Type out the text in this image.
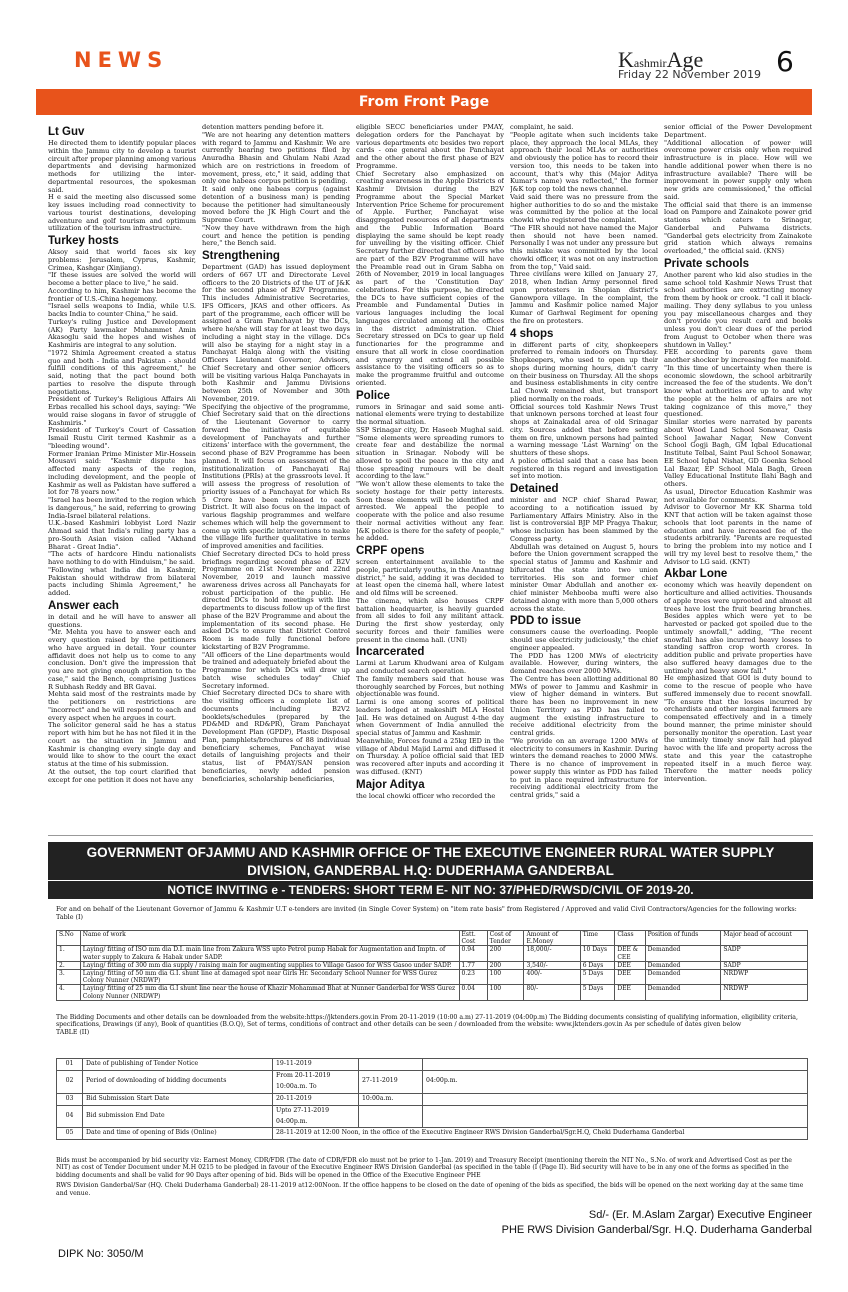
NEWS	KashmirAge
Friday 22 November 2019 6
From Front Page
Lt Guv

He directed them to identify popular places within the Jammu city to develop a tourist circuit after proper planning among various departments and devising harmonized methods for utilizing the inter-departmental resources, the spokesman said.

H e said the meeting also discussed some key issues including road connectivity to various tourist destinations, developing adventure and golf tourism and optimum utilization of the tourism infrastructure.

Turkey hosts

Aksoy said that world faces six key problems: Jerusalem, Cyprus, Kashmir, Crimea, Kashgar (Xinjiang).

"If these issues are solved the world will become a better place to live," he said.

According to him, Kashmir has become the frontier of U.S.-China hegemony.

"Israel sells weapons to India, while U.S. backs India to counter China," he said.

Turkey's ruling Justice and Development (AK) Party lawmaker Muhammet Amin Akasoglu said the hopes and wishes of Kashmiris are integral to any solution.

"1972 Shimla Agreement created a status quo and both - India and Pakistan - should fulfill conditions of this agreement," he said, noting that the pact bound both parties to resolve the dispute through negotiations.

President of Turkey's Religious Affairs Ali Erbas recalled his school days, saying: "We would raise slogans in favor of struggle of Kashmiris."

President of Turkey's Court of Cassation Ismail Rustu Cirit termed Kashmir as a "bleeding wound".

Former Iranian Prime Minister Mir-Hossein Mousavi said: "Kashmir dispute has affected many aspects of the region, including development, and the people of Kashmir as well as Pakistan have suffered a lot for 78 years now."

"Israel has been invited to the region which is dangerous," he said, referring to growing India-Israel bilateral relations.

U.K.-based Kashmiri lobbyist Lord Nazir Ahmad said that India's ruling party has a pro-South Asian vision called "Akhand Bharat - Great India".

"The acts of hardcore Hindu nationalists have nothing to do with Hinduism," he said.

"Following what India did in Kashmir, Pakistan should withdraw from bilateral pacts including Shimla Agreement," he added.

Answer each

in detail and he will have to answer all questions.

"Mr. Mehta you have to answer each and every question raised by the petitioners who have argued in detail. Your counter affidavit does not help us to come to any conclusion. Don't give the impression that you are not giving enough attention to the case," said the Bench, comprising Justices R Subhash Reddy and BR Gavai.

Mehta said most of the restraints made by the petitioners on restrictions are "incorrect" and he will respond to each and every aspect when he argues in court.

The solicitor general said he has a status report with him but he has not filed it in the court as the situation in Jammu and Kashmir is changing every single day and would like to show to the court the exact status at the time of his submission.

At the outset, the top court clarified that except for one petition it does not have any

detention matters pending before it.

"We are not hearing any detention matters with regard to Jammu and Kashmir. We are currently hearing two petitions filed by Anuradha Bhasin and Ghulam Nabi Azad which are on restrictions in freedom of movement, press, etc," it said, adding that only one habeas corpus petition is pending.

It said only one habeas corpus (against detention of a business man) is pending because the petitioner had simultaneously moved before the JK High Court and the Supreme Court.

"Now they have withdrawn from the high court and hence the petition is pending here," the Bench said.

Strengthening

Department (GAD) has issued deployment orders of 667 UT and Directorate Level officers to the 20 Districts of the UT of J&K for the second phase of B2V Programme. This includes Administrative Secretaries, IFS Officers, JKAS and other officers. As part of the programme, each officer will be assigned a Gram Panchayat by the DCs, where he/she will stay for at least two days including a night stay in the village. DCs will also be staying for a night stay in a Panchayat Halqa along with the visiting Officers Lieutenant Governor, Advisors, Chief Secretary and other senior officers will be visiting various Halqa Panchayats in both Kashmir and Jammu Divisions between 25th of November and 30th November, 2019.

Specifying the objective of the programme, Chief Secretary said that on the directions of the Lieutenant Governor to carry forward the initiative of equitable development of Panchayats and further citizens' interface with the government, the second phase of B2V Programme has been planned. It will focus on assessment of the institutionalization of Panchayati Raj Institutions (PRIs) at the grassroots level. It will assess the progress of resolution of priority issues of a Panchayat for which Rs 5 Crore have been released to each District. It will also focus on the impact of various flagship programmes and welfare schemes which will help the government to come up with specific interventions to make the village life further qualitative in terms of improved amenities and facilities.

Chief Secretary directed DCs to hold press briefings regarding second phase of B2V Programme on 21st November and 22nd November, 2019 and launch massive awareness drives across all Panchayats for robust participation of the public. He directed DCs to hold meetings with line departments to discuss follow up of the first phase of the B2V Programme and about the implementation of its second phase. He asked DCs to ensure that District Control Room is made fully functional before kickstarting of B2V Programme.

"All officers of the Line departments would be trained and adequately briefed about the Programme for which DCs will draw up batch wise schedules today" Chief Secretary informed.

Chief Secretary directed DCs to share with the visiting officers a complete list of documents including B2V2 booklets/schedules (prepared by the PD&MD and RD&PR), Gram Panchayat Development Plan (GPDP), Plastic Disposal Plan, pamphlets/brochures of 88 individual beneficiary schemes, Panchayat wise details of languishing projects and their status, list of PMAY/SAN pension beneficiaries, newly added pension beneficiaries, scholarship beneficiaries,

eligible SECC beneficiaries under PMAY, delegation orders for the Panchayat by various departments etc besides two report cards - one general about the Panchayat and the other about the first phase of B2V Programme.

Chief Secretary also emphasized on creating awareness in the Apple Districts of Kashmir Division during the B2V Programme about the Special Market Intervention Price Scheme for procurement of Apple. Further, Panchayat wise disaggregated resources of all departments and the Public Information Board displaying the same should be kept ready for unveiling by the visiting officer. Chief Secretary further directed that officers who are part of the B2V Programme will have the Preamble read out in Gram Sabha on 26th of November, 2019 in local languages as part of the 'Constitution Day' celebrations. For this purpose, he directed the DCs to have sufficient copies of the Preamble and Fundamental Duties in various languages including the local languages circulated among all the offices in the district administration. Chief Secretary stressed on DCs to gear up field functionaries for the programme and ensure that all work in close coordination and synergy and extend all possible assistance to the visiting officers so as to make the programme fruitful and outcome oriented.

Police

rumors in Srinagar and said some anti-national elements were trying to destabilize the normal situation.

SSP Srinagar city, Dr. Haseeb Mughal said. "Some elements were spreading rumors to create fear and destabilize the normal situation in Srinagar. Nobody will be allowed to spoil the peace in the city and those spreading rumours will be dealt according to the law."

"We won't allow these elements to take the society hostage for their petty interests. Soon these elements will be identified and arrested. We appeal the people to cooperate with the police and also resume their normal activities without any fear. J&K police is there for the safety of people," he added.

CRPF opens

screen entertainment available to the people, particularly youths, in the Anantnag district," he said, adding it was decided to at least open the cinema hall, where latest and old films will be screened.

The cinema, which also houses CRPF battalion headquarter, is heavily guarded from all sides to foil any militant attack. During the first show yesterday, only security forces and their families were present in the cinema hall. (UNI)

Incarcerated

Larmi at Larum Khudwani area of Kulgam and conducted search operation.

The family members said that house was thoroughly searched by Forces, but nothing objectionable was found.

Larmi is one among scores of political leaders lodged at makeshift MLA Hostel Jail. He was detained on August 4-the day when Government of India annulled the special status of Jammu and Kashmir.

Meanwhile, Forces found a 25kg IED in the village of Abdul Majid Larmi and diffused it on Thursday. A police official said that IED was recovered after inputs and according it was diffused. (KNT)

Major Aditya

the local chowki officer who recorded the

complaint, he said.

"People agitate when such incidents take place, they approach the local MLAs, they approach their local MLAs or authorities and obviously the police has to record their version too, this needs to be taken into account, that's why this (Major Aditya Kumar's name) was reflected," the former J&K top cop told the news channel.

Vaid said there was no pressure from the higher authorities to do so and the mistake was committed by the police at the local chowki who registered the complaint.

"The FIR should not have named the Major then should not have been named. Personally I was not under any pressure but this mistake was committed by the local chowki officer, it was not on any instruction from the top," Vaid said.

Three civilians were killed on January 27, 2018, when Indian Army personnel fired upon protesters in Shopian district's Ganowpora village. In the complaint, the Jammu and Kashmir police named Major Kumar of Garhwal Regiment for opening the fire on protesters.

4 shops

in different parts of city, shopkeepers preferred to remain indoors on Thursday. Shopkeepers, who used to open up their shops during morning hours, didn't carry on their business on Thursday. All the shops and business establishments in city centre Lal Chowk remained shut, but transport plied normally on the roads.

Official sources told Kashmir News Trust that unknown persons torched at least four shops at Zainakadal area of old Srinagar city. Sources added that before setting them on fire, unknown persons had painted a warning message 'Last Warning' on the shutters of these shops.

A police official said that a case has been registered in this regard and investigation set into motion.

Detained

minister and NCP chief Sharad Pawar, according to a notification issued by Parliamentary Affairs Ministry. Also in the list is controversial BJP MP Pragya Thakur, whose inclusion has been slammed by the Congress party.

Abdullah was detained on August 5, hours before the Union government scrapped the special status of Jammu and Kashmir and bifurcated the state into two union territories. His son and former chief minister Omar Abdullah and another ex-chief minister Mehbooba mufti were also detained along with more than 5,000 others across the state.

PDD to issue

consumers cause the overloading. People should use electricity judiciously," the chief engineer appealed.

The PDD has 1200 MWs of electricity available. However, during winters, the demand reaches over 2000 MWs.

The Centre has been allotting additional 80 MWs of power to Jammu and Kashmir in view of higher demand in winters. But there has been no improvement in new Union Territory as PDD has failed to augment the existing infrastructure to receive additional electricity from the central grids.

"We provide on an average 1200 MWs of electricity to consumers in Kashmir. During winters the demand reaches to 2000 MWs. There is no chance of improvement in power supply this winter as PDD has failed to put in place required infrastructure for receiving additional electricity from the central grids," said a

senior official of the Power Development Department.

"Additional allocation of power will overcome power crisis only when required infrastructure is in place. How will we handle additional power when there is no infrastructure available? There will be improvement in power supply only when new grids are commissioned," the official said.

The official said that there is an immense load on Pampore and Zainakote power grid stations which caters to Srinagar, Ganderbal and Pulwama districts. "Ganderbal gets electricity from Zainakote grid station which always remains overloaded," the official said. (KNS)

Private schools

Another parent who kid also studies in the same school told Kashmir News Trust that school authorities are extracting money from them by hook or crook. "I call it black-mailing. They deny syllabus to you unless you pay miscellaneous charges and they don't provide you result card and books unless you don't clear dues of the period from August to October when there was shutdown in Valley."

FEE according to parents gave them another shocker by increasing fee manifold. "In this time of uncertainty when there is economic slowdown, the school arbitrarily increased the fee of the students. We don't know what authorities are up to and why the people at the helm of affairs are not taking cognizance of this move," they questioned.

Similar stories were narrated by parents about Wood Land School Sonawar, Oasis School Jawahar Nagar, New Convent School Gogji Bagh, GM Iqbal Educational Institute Telbal, Saint Paul School Sonawar, EE School Iqbal Nishat, GD Goenka School Lal Bazar, EP School Mala Bagh, Green Valley Educational Institute Ilahi Bagh and others.

As usual, Director Education Kashmir was not available for comments.

Advisor to Governor Mr KK Sharma told KNT that action will be taken against those schools that loot parents in the name of education and have increased fee of the students arbitrarily. "Parents are requested to bring the problem into my notice and I will try my level best to resolve them," the Advisor to LG said. (KNT)

Akbar Lone

economy which was heavily dependent on horticulture and allied activities. Thousands of apple trees were uprooted and almost all trees have lost the fruit bearing branches. Besides apples which were yet to be harvested or packed got spoiled due to the untimely snowfall," adding, "The recent snowfall has also incurred heavy losses to standing saffron crop worth crores. In addition public and private properties have also suffered heavy damages due to the untimely and heavy snow fall."

He emphasized that GOI is duty bound to come to the rescue of people who have suffered immensely due to recent snowfall. "To ensure that the losses incurred by orchardists and other marginal farmers are compensated effectively and in a timely bound manner, the prime minister should personally monitor the operation. Last year the untimely timely snow fall had played havoc with the life and property across the state and this year the catastrophe repeated itself in a much fierce way. Therefore the matter needs policy intervention.

GOVERNMENT OFJAMMU AND KASHMIR OFFICE OF THE EXECUTIVE ENGINEER RURAL WATER SUPPLY
DIVISION, GANDERBAL H.Q: DUDERHAMA GANDERBAL
NOTICE INVITING e - TENDERS: SHORT TERM E- NIT NO: 37/PHED/RWSD/CIVIL OF 2019-20.
For and on behalf of the Lieutenant Governor of Jammu & Kashmir U.T e-tenders are invited (in Single Cover System) on "item rate basis" from Registered / Approved and valid Civil Contractors/Agencies for the following works:
Table (I)
S.No	Name of work	Estt. Cost	Cost of Tender	Amount of E.Money	Time	Class	Position of funds	Major head of account
1.	Laying/ fitting of ISO mm dia D.I. main line from Zakura WSS upto Petrol pump Habak for Augmentation and Imptn. of water supply to Zakura & Habak under SADP.	0.94	200	18,000/-	10 Days	DEE & CEE	Demanded	SADP
2.	Laying/ fitting of 300 mm dia supply / raising main for augmenting supplies to Village Gasoo for WSS Gasoo under SADP.	1.77	200	3,540/-	6 Days	DEE	Demanded	SADP
3.	Laying/ fitting of 50 mm dia G.I. shunt line at damaged spot near Girls Hr. Secondary School Nunner for WSS Gurez Colony Nunner (NRDWP)	0.23	100	400/-	5 Days	DEE	Demanded	NRDWP
4.	Laying/ fitting of 25 mm dia G.I shunt line near the house of Khazir Mohammad Bhat at Nunner Ganderbal for WSS Gurez Colony Nunner (NRDWP)	0.04	100	80/-	5 Days	DEE	Demanded	NRDWP
The Bidding Documents and other details can be downloaded from the website:https://jktenders.gov.in From 20-11-2019 (10:00 a.m) 27-11-2019 (04:00p.m) The Bidding documents consisting of qualifying information, eligibility criteria, specifications, Drawings (if any), Book of quantities (B.O.Q), Set of terms, conditions of contract and other details can be seen / downloaded from the website: www.jktenders.gov.in As per schedule of dates given below
TABLE (II)
01	Date of publishing of Tender Notice	19-11-2019		
02	Period of downloading of bidding documents	From 20-11-2019 10:00a.m. To	27-11-2019	04:00p.m.
03	Bid Submission Start Date	20-11-2019	10:00a.m.	
04	Bid submission End Date	Upto 27-11-2019 04:00p.m.		
05	Date and time of opening of Bids (Online)	28-11-2019 at 12:00 Noon, in the office of the Executive Engineer RWS Division Ganderbal/Sgr.H.Q, Cheki Duderhama Ganderbal		

Bids must be accompanied by bid security viz: Earnest Money, CDR/FDR (The date of CDR/FDR elo must not be prior to 1-Jan. 2019) and Treasury Receipt (mentioning therein the NIT No., S.No. of work and Advertised Cost as per the NIT) as cost of Tender Document under M.H 0215 to be pledged in favour of the Executive Engineer RWS Division Ganderbal (as specified in the table (I (Page II). Bid security will have to be in any one of the forms as specified in the bidding documents and shall be valid for 90 Days after opening of bid. Bids will be opened in the Office of the Executive Engineer PHE

RWS Division Ganderbal/Sar (HQ. Cheki Duderhama Ganderbal) 28-11-2019 at12:00Noon. If the office happens to be closed on the date of opening of the bids as specified, the bids will be opened on the next working day at the same time and venue.

Sd/- (Er. M.Aslam Zargar) Executive Engineer
PHE RWS Division Ganderbal/Sgr. H.Q. Duderhama Ganderbal
DIPK No: 3050/M
